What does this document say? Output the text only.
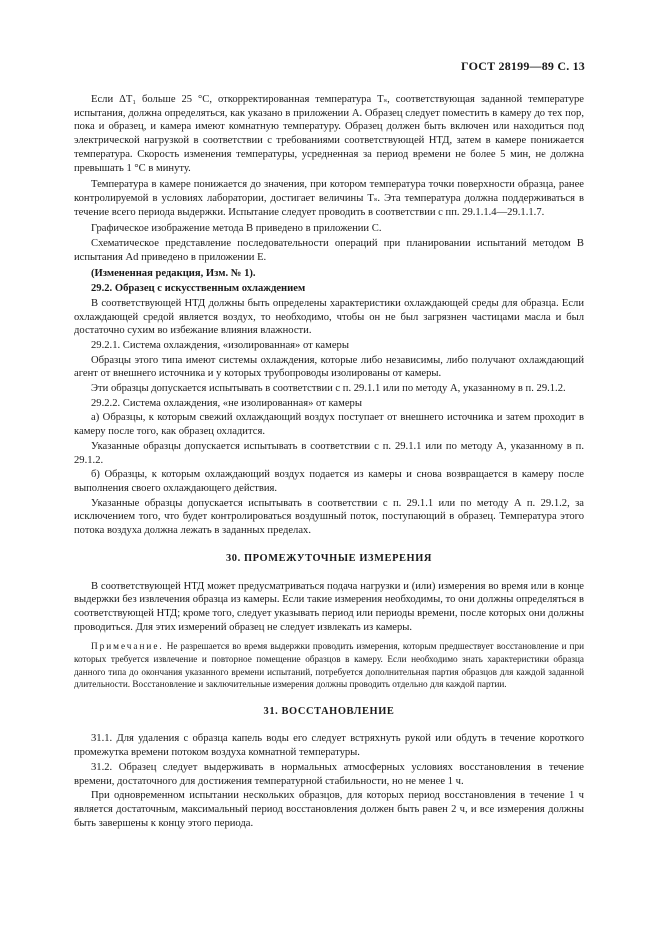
ГОСТ 28199—89 С. 13

Если ΔT₁ больше 25 °С, откорректированная температура Tₛ, соответствующая заданной температуре испытания, должна определяться, как указано в приложении А. Образец следует поместить в камеру до тех пор, пока и образец, и камера имеют комнатную температуру. Образец должен быть включен или находиться под электрической нагрузкой в соответствии с требованиями соответствующей НТД, затем в камере понижается температура. Скорость изменения температуры, усредненная за период времени не более 5 мин, не должна превышать 1 °С в минуту.

Температура в камере понижается до значения, при котором температура точки поверхности образца, ранее контролируемой в условиях лаборатории, достигает величины Tₛ. Эта температура должна поддерживаться в течение всего периода выдержки. Испытание следует проводить в соответствии с пп. 29.1.1.4—29.1.1.7.

Графическое изображение метода В приведено в приложении С.

Схематическое представление последовательности операций при планировании испытаний методом В испытания Ad приведено в приложении Е.

(Измененная редакция, Изм. № 1).

29.2. Образец с искусственным охлаждением

В соответствующей НТД должны быть определены характеристики охлаждающей среды для образца. Если охлаждающей средой является воздух, то необходимо, чтобы он не был загрязнен частицами масла и был достаточно сухим во избежание влияния влажности.

29.2.1. Система охлаждения, «изолированная» от камеры

Образцы этого типа имеют системы охлаждения, которые либо независимы, либо получают охлаждающий агент от внешнего источника и у которых трубопроводы изолированы от камеры.

Эти образцы допускается испытывать в соответствии с п. 29.1.1 или по методу А, указанному в п. 29.1.2.

29.2.2. Система охлаждения, «не изолированная» от камеры

а) Образцы, к которым свежий охлаждающий воздух поступает от внешнего источника и затем проходит в камеру после того, как образец охладится.

Указанные образцы допускается испытывать в соответствии с п. 29.1.1 или по методу А, указанному в п. 29.1.2.

б) Образцы, к которым охлаждающий воздух подается из камеры и снова возвращается в камеру после выполнения своего охлаждающего действия.

Указанные образцы допускается испытывать в соответствии с п. 29.1.1 или по методу А п. 29.1.2, за исключением того, что будет контролироваться воздушный поток, поступающий в образец. Температура этого потока воздуха должна лежать в заданных пределах.

30. ПРОМЕЖУТОЧНЫЕ ИЗМЕРЕНИЯ

В соответствующей НТД может предусматриваться подача нагрузки и (или) измерения во время или в конце выдержки без извлечения образца из камеры. Если такие измерения необходимы, то они должны определяться в соответствующей НТД; кроме того, следует указывать период или периоды времени, после которых они должны проводиться. Для этих измерений образец не следует извлекать из камеры.

Примечание. Не разрешается во время выдержки проводить измерения, которым предшествует восстановление и при которых требуется извлечение и повторное помещение образцов в камеру. Если необходимо знать характеристики образца данного типа до окончания указанного времени испытаний, потребуется дополнительная партия образцов для каждой заданной длительности. Восстановление и заключительные измерения должны проводить отдельно для каждой партии.

31. ВОССТАНОВЛЕНИЕ

31.1. Для удаления с образца капель воды его следует встряхнуть рукой или обдуть в течение короткого промежутка времени потоком воздуха комнатной температуры.

31.2. Образец следует выдерживать в нормальных атмосферных условиях восстановления в течение времени, достаточного для достижения температурной стабильности, но не менее 1 ч.

При одновременном испытании нескольких образцов, для которых период восстановления в течение 1 ч является достаточным, максимальный период восстановления должен быть равен 2 ч, и все измерения должны быть завершены к концу этого периода.
